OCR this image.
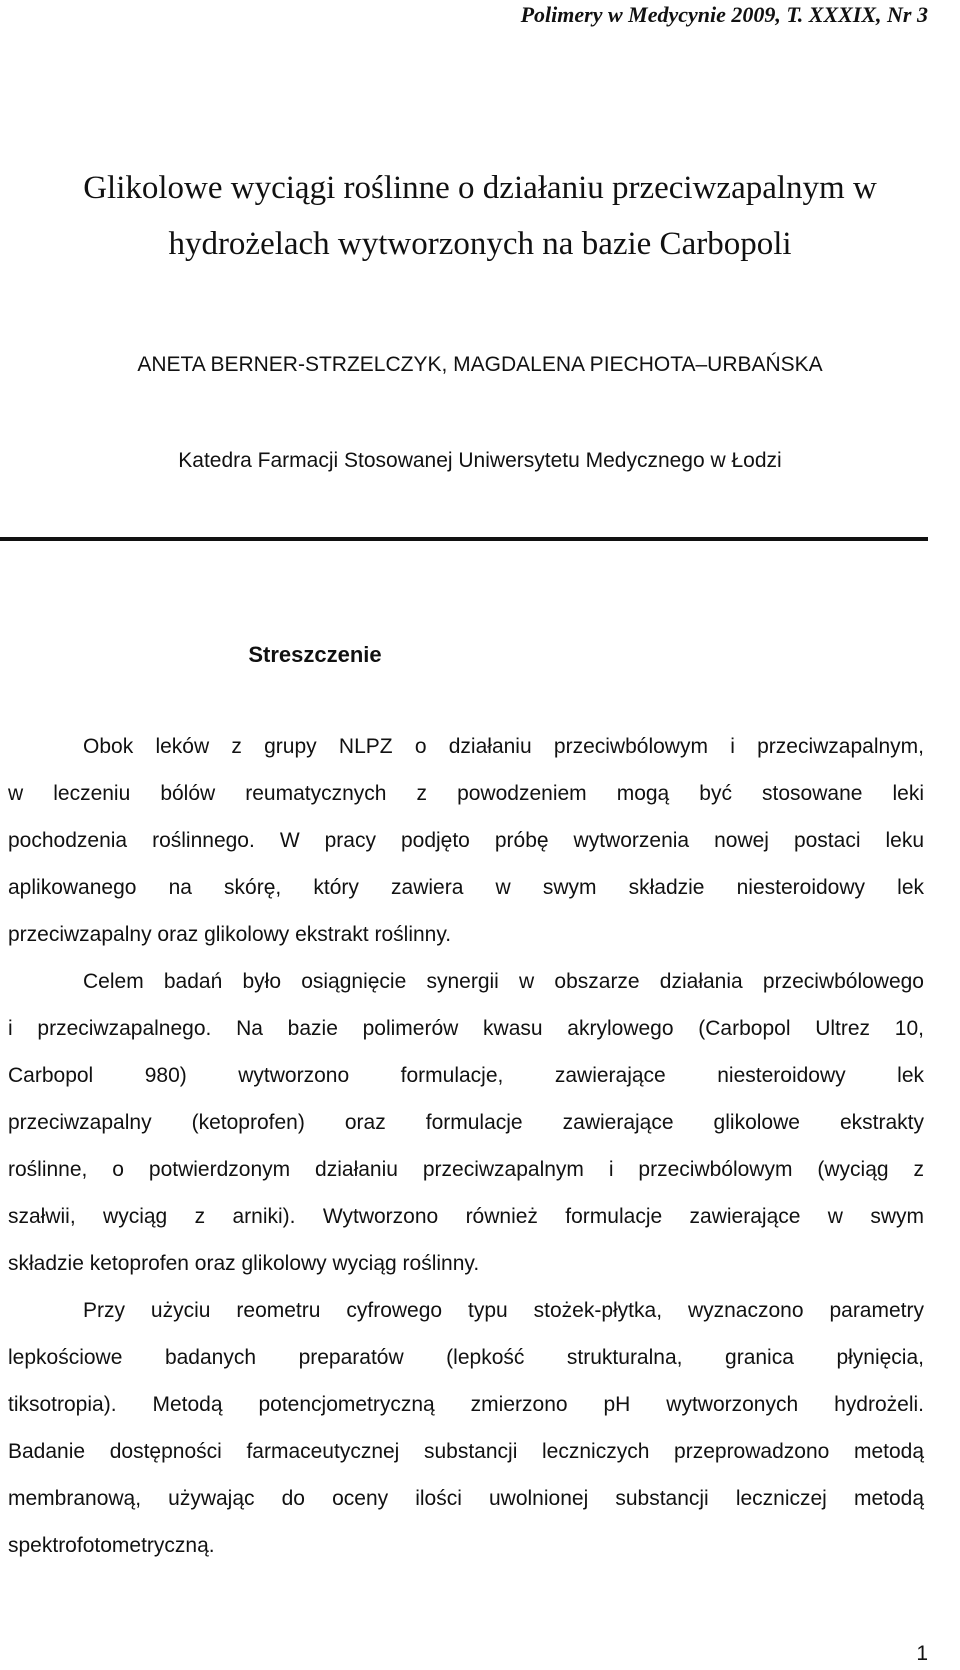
Polimery w Medycynie 2009, T. XXXIX, Nr 3
Glikolowe wyciągi roślinne o działaniu przeciwzapalnym w
hydrożelach wytworzonych na bazie Carbopoli
ANETA BERNER-STRZELCZYK, MAGDALENA PIECHOTA–URBAŃSKA
Katedra Farmacji Stosowanej Uniwersytetu Medycznego w Łodzi
Streszczenie
Obok leków z grupy NLPZ o działaniu przeciwbólowym i przeciwzapalnym,
w leczeniu bólów reumatycznych z powodzeniem mogą być stosowane leki
pochodzenia roślinnego. W pracy podjęto próbę wytworzenia nowej postaci leku
aplikowanego na skórę, który zawiera w swym składzie niesteroidowy lek
przeciwzapalny oraz glikolowy ekstrakt roślinny.
Celem badań było osiągnięcie synergii w obszarze działania przeciwbólowego
i przeciwzapalnego. Na bazie polimerów kwasu akrylowego (Carbopol Ultrez 10,
Carbopol 980) wytworzono formulacje, zawierające niesteroidowy lek
przeciwzapalny (ketoprofen) oraz formulacje zawierające glikolowe ekstrakty
roślinne, o potwierdzonym działaniu przeciwzapalnym i przeciwbólowym (wyciąg z
szałwii, wyciąg z arniki). Wytworzono również formulacje zawierające w swym
składzie ketoprofen oraz glikolowy wyciąg roślinny.
Przy użyciu reometru cyfrowego typu stożek-płytka, wyznaczono parametry
lepkościowe badanych preparatów (lepkość strukturalna, granica płynięcia,
tiksotropia). Metodą potencjometryczną zmierzono pH wytworzonych hydrożeli.
Badanie dostępności farmaceutycznej substancji leczniczych przeprowadzono metodą
membranową, używając do oceny ilości uwolnionej substancji leczniczej metodą
spektrofotometryczną.
1
